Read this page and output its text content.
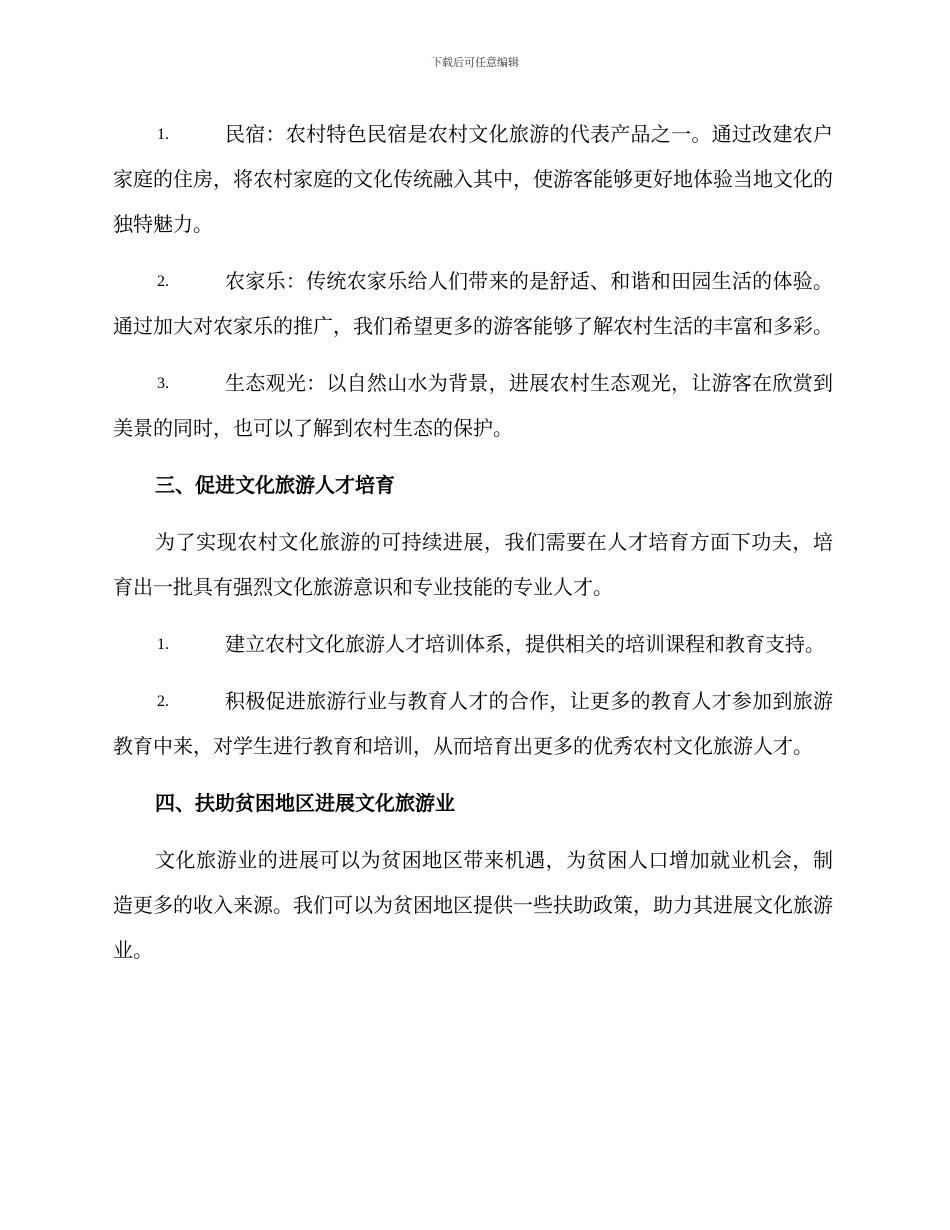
下载后可任意编辑

1.	民宿：农村特色民宿是农村文化旅游的代表产品之一。通过改建农户家庭的住房，将农村家庭的文化传统融入其中，使游客能够更好地体验当地文化的独特魅力。

2.	农家乐：传统农家乐给人们带来的是舒适、和谐和田园生活的体验。通过加大对农家乐的推广，我们希望更多的游客能够了解农村生活的丰富和多彩。

3.	生态观光：以自然山水为背景，进展农村生态观光，让游客在欣赏到美景的同时，也可以了解到农村生态的保护。

三、促进文化旅游人才培育

为了实现农村文化旅游的可持续进展，我们需要在人才培育方面下功夫，培育出一批具有强烈文化旅游意识和专业技能的专业人才。

1.	建立农村文化旅游人才培训体系，提供相关的培训课程和教育支持。

2.	积极促进旅游行业与教育人才的合作，让更多的教育人才参加到旅游教育中来，对学生进行教育和培训，从而培育出更多的优秀农村文化旅游人才。

四、扶助贫困地区进展文化旅游业

文化旅游业的进展可以为贫困地区带来机遇，为贫困人口增加就业机会，制造更多的收入来源。我们可以为贫困地区提供一些扶助政策，助力其进展文化旅游业。
